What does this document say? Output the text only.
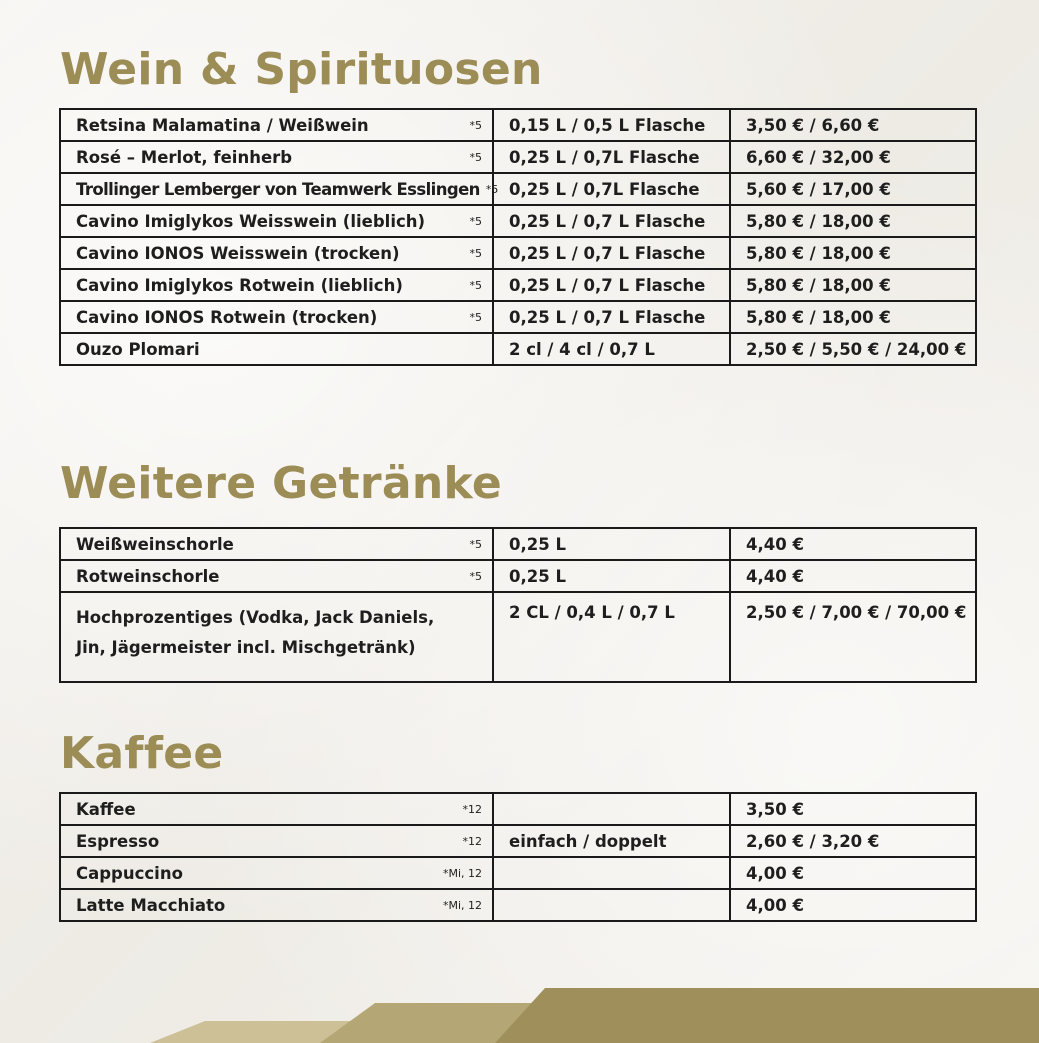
Wein & Spirituosen
Retsina Malamatina / Weißwein *5	0,15 L / 0,5 L Flasche	3,50 € / 6,60 €

Rosé – Merlot, feinherb *5	0,25 L / 0,7L Flasche	6,60 € / 32,00 €

Trollinger Lemberger von Teamwerk Esslingen *5	0,25 L / 0,7L Flasche	5,60 € / 17,00 €

Cavino Imiglykos Weisswein (lieblich) *5	0,25 L / 0,7 L Flasche	5,80 € / 18,00 €

Cavino IONOS Weisswein (trocken) *5	0,25 L / 0,7 L Flasche	5,80 € / 18,00 €

Cavino Imiglykos Rotwein (lieblich) *5	0,25 L / 0,7 L Flasche	5,80 € / 18,00 €

Cavino IONOS Rotwein (trocken) *5	0,25 L / 0,7 L Flasche	5,80 € / 18,00 €

Ouzo Plomari	2 cl / 4 cl / 0,7 L	2,50 € / 5,50 € / 24,00 €
Weitere Getränke
Weißweinschorle *5	0,25 L	4,40 €

Rotweinschorle *5	0,25 L	4,40 €
Hochprozentiges (Vodka, Jack Daniels, Jin, Jägermeister incl. Mischgetränk)	2 CL / 0,4 L / 0,7 L	2,50 € / 7,00 € / 70,00 €
Kaffee
Kaffee *12		3,50 €

Espresso *12	einfach / doppelt	2,60 € / 3,20 €

Cappuccino *Mi, 12		4,00 €

Latte Macchiato *Mi, 12		4,00 €
